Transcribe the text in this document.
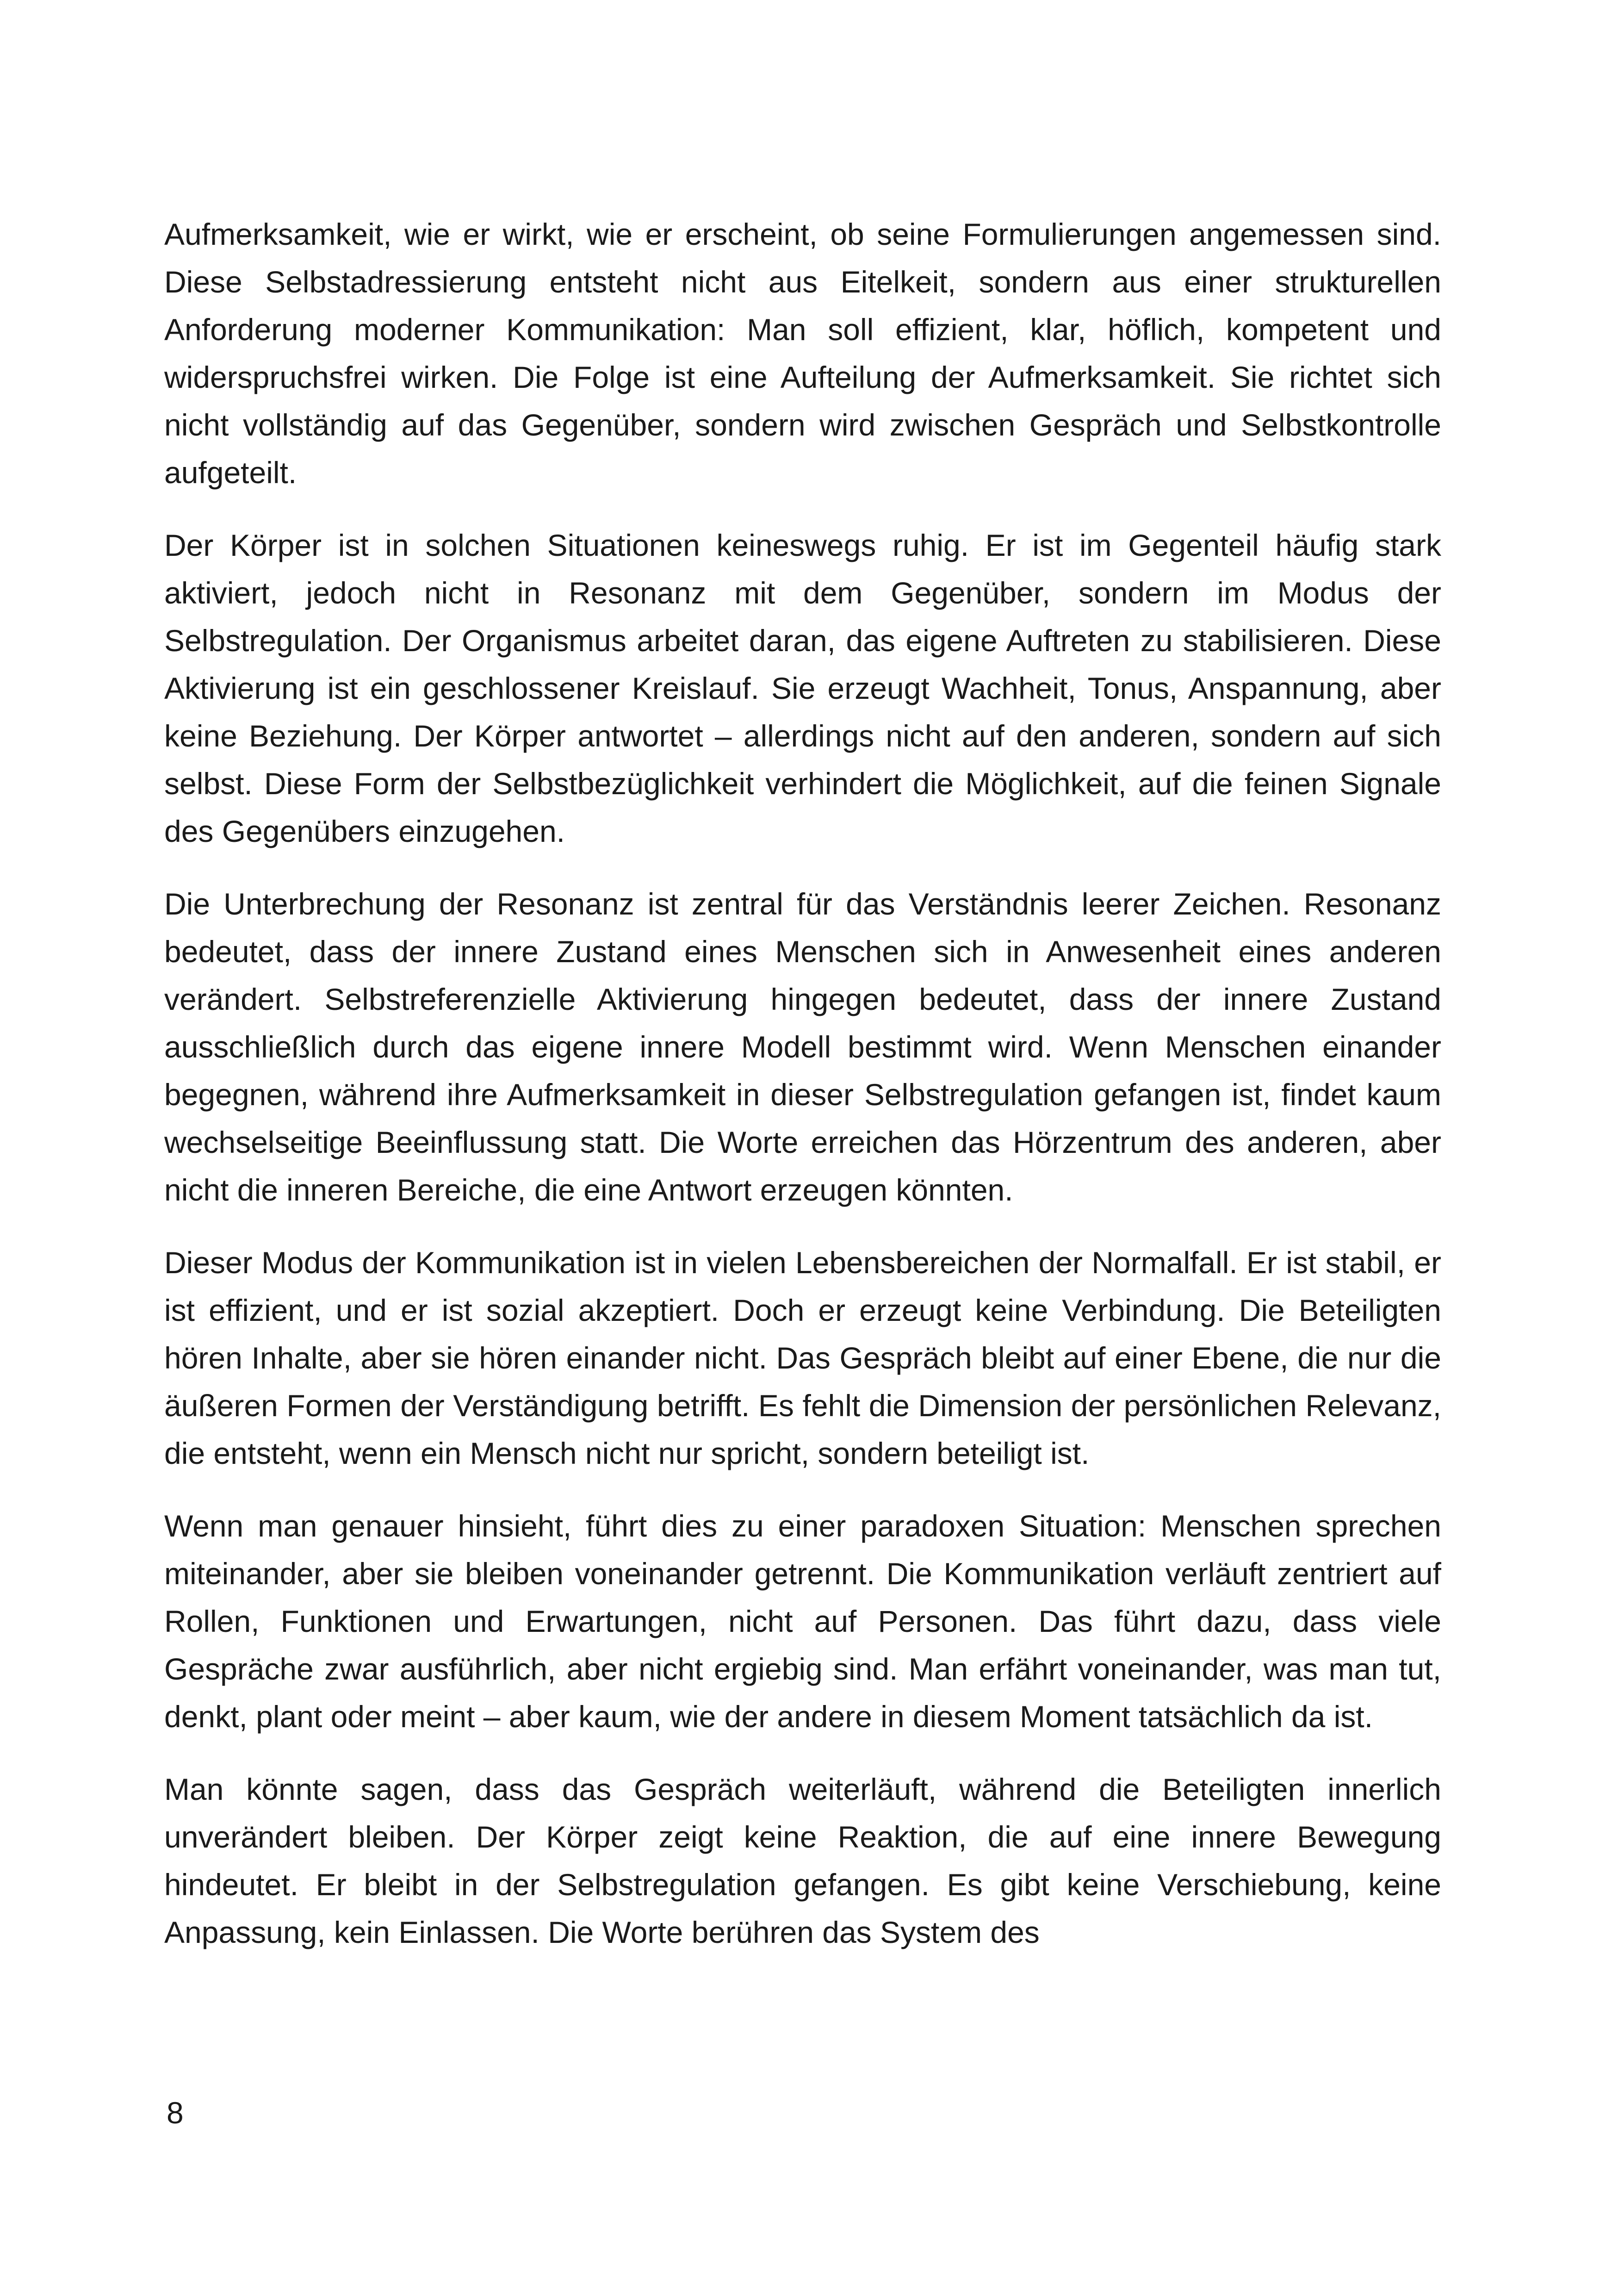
Aufmerksamkeit, wie er wirkt, wie er erscheint, ob seine Formulierungen angemessen sind. Diese Selbstadressierung entsteht nicht aus Eitelkeit, sondern aus einer strukturellen Anforderung moderner Kommunikation: Man soll effizient, klar, höflich, kompetent und widerspruchsfrei wirken. Die Folge ist eine Aufteilung der Aufmerksamkeit. Sie richtet sich nicht vollständig auf das Gegenüber, sondern wird zwischen Gespräch und Selbstkontrolle aufgeteilt.

Der Körper ist in solchen Situationen keineswegs ruhig. Er ist im Gegenteil häufig stark aktiviert, jedoch nicht in Resonanz mit dem Gegenüber, sondern im Modus der Selbstregulation. Der Organismus arbeitet daran, das eigene Auftreten zu stabilisieren. Diese Aktivierung ist ein geschlossener Kreislauf. Sie erzeugt Wachheit, Tonus, Anspannung, aber keine Beziehung. Der Körper antwortet – allerdings nicht auf den anderen, sondern auf sich selbst. Diese Form der Selbstbezüglichkeit verhindert die Möglichkeit, auf die feinen Signale des Gegenübers einzugehen.

Die Unterbrechung der Resonanz ist zentral für das Verständnis leerer Zeichen. Resonanz bedeutet, dass der innere Zustand eines Menschen sich in Anwesenheit eines anderen verändert. Selbstreferenzielle Aktivierung hingegen bedeutet, dass der innere Zustand ausschließlich durch das eigene innere Modell bestimmt wird. Wenn Menschen einander begegnen, während ihre Aufmerksamkeit in dieser Selbstregulation gefangen ist, findet kaum wechselseitige Beeinflussung statt. Die Worte erreichen das Hörzentrum des anderen, aber nicht die inneren Bereiche, die eine Antwort erzeugen könnten.

Dieser Modus der Kommunikation ist in vielen Lebensbereichen der Normalfall. Er ist stabil, er ist effizient, und er ist sozial akzeptiert. Doch er erzeugt keine Verbindung. Die Beteiligten hören Inhalte, aber sie hören einander nicht. Das Gespräch bleibt auf einer Ebene, die nur die äußeren Formen der Verständigung betrifft. Es fehlt die Dimension der persönlichen Relevanz, die entsteht, wenn ein Mensch nicht nur spricht, sondern beteiligt ist.

Wenn man genauer hinsieht, führt dies zu einer paradoxen Situation: Menschen sprechen miteinander, aber sie bleiben voneinander getrennt. Die Kommunikation verläuft zentriert auf Rollen, Funktionen und Erwartungen, nicht auf Personen. Das führt dazu, dass viele Gespräche zwar ausführlich, aber nicht ergiebig sind. Man erfährt voneinander, was man tut, denkt, plant oder meint – aber kaum, wie der andere in diesem Moment tatsächlich da ist.

Man könnte sagen, dass das Gespräch weiterläuft, während die Beteiligten innerlich unverändert bleiben. Der Körper zeigt keine Reaktion, die auf eine innere Bewegung hindeutet. Er bleibt in der Selbstregulation gefangen. Es gibt keine Verschiebung, keine Anpassung, kein Einlassen. Die Worte berühren das System des

8
